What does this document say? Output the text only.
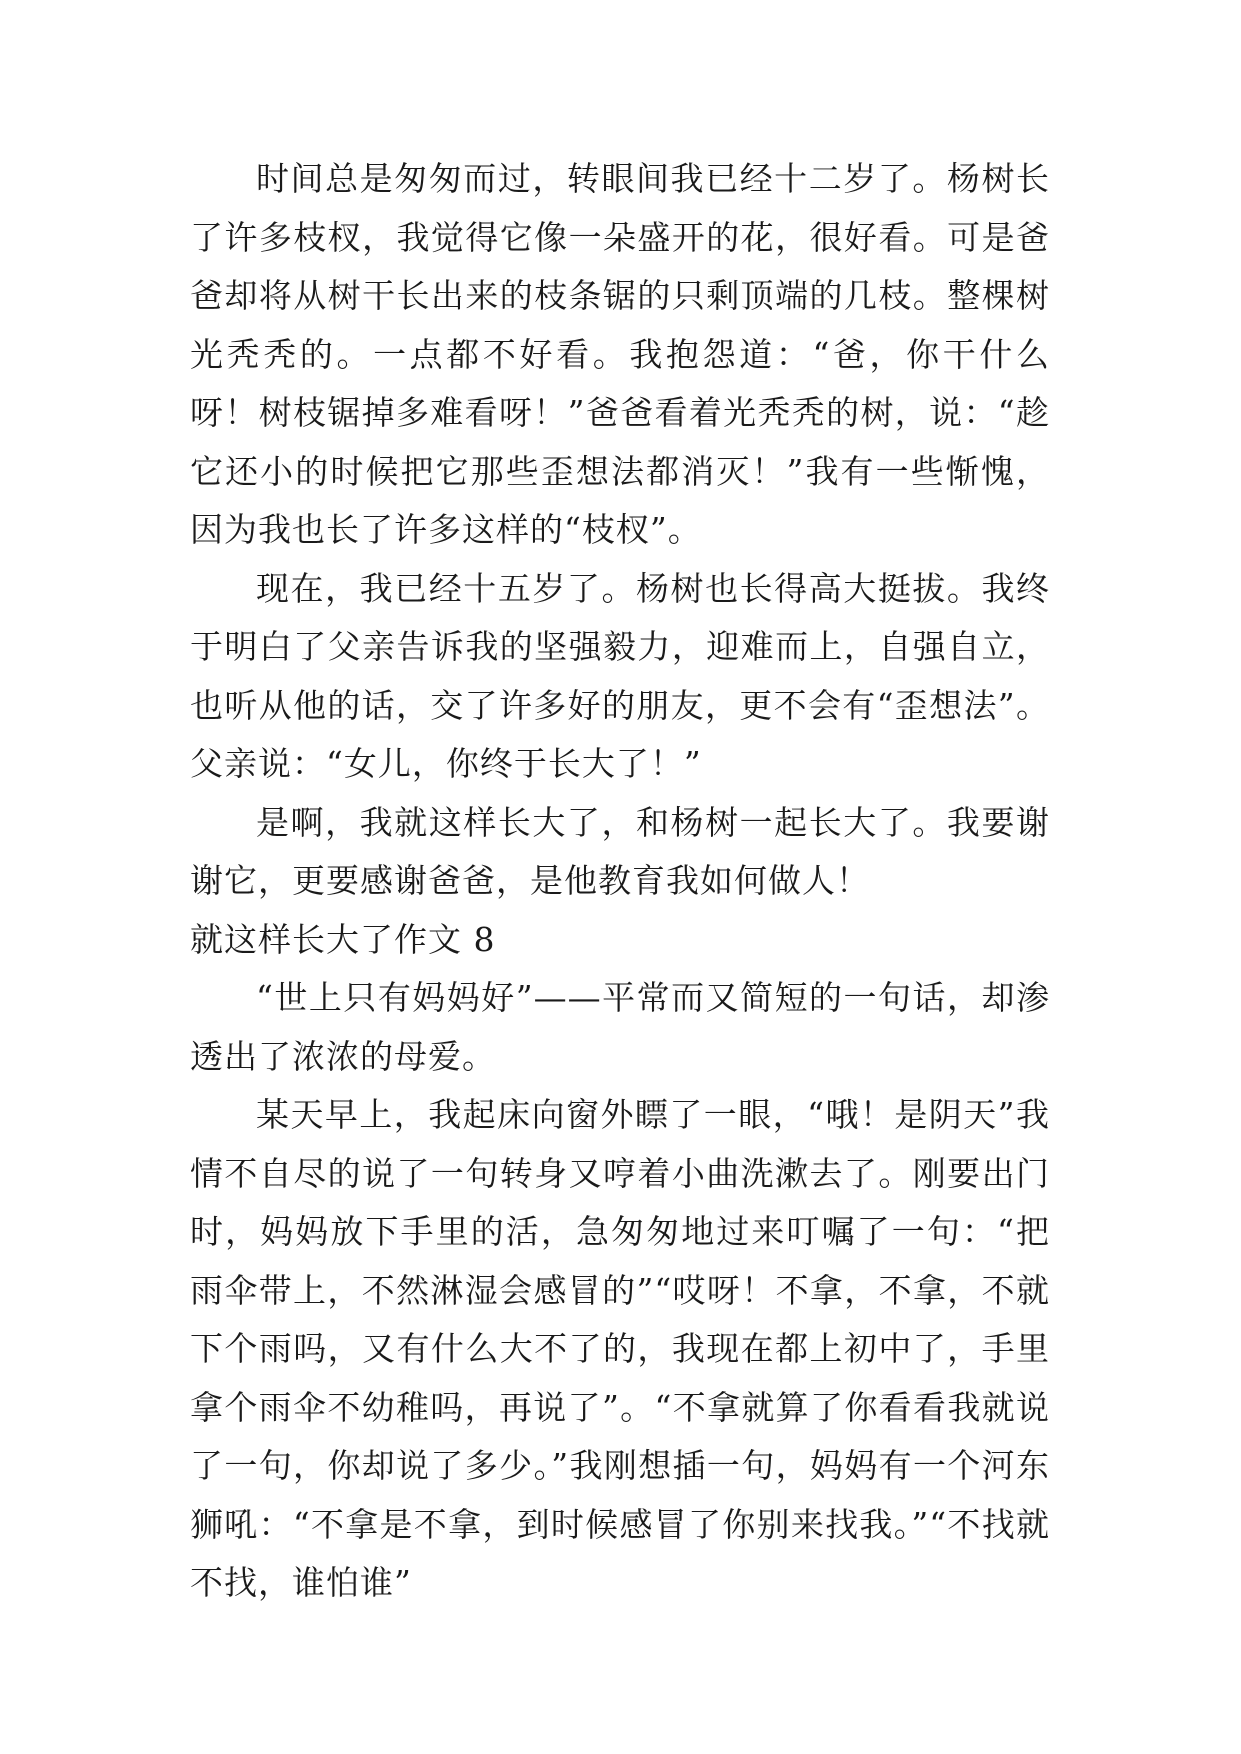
时间总是匆匆而过，转眼间我已经十二岁了。杨树长了许多枝杈，我觉得它像一朵盛开的花，很好看。可是爸爸却将从树干长出来的枝条锯的只剩顶端的几枝。整棵树光秃秃的。一点都不好看。我抱怨道：“爸，你干什么呀！树枝锯掉多难看呀！”爸爸看着光秃秃的树，说：“趁它还小的时候把它那些歪想法都消灭！”我有一些惭愧，因为我也长了许多这样的“枝杈”。

现在，我已经十五岁了。杨树也长得高大挺拔。我终于明白了父亲告诉我的坚强毅力，迎难而上，自强自立，也听从他的话，交了许多好的朋友，更不会有“歪想法”。父亲说：“女儿，你终于长大了！”

是啊，我就这样长大了，和杨树一起长大了。我要谢谢它，更要感谢爸爸，是他教育我如何做人！

就这样长大了作文 8

“世上只有妈妈好”——平常而又简短的一句话，却渗透出了浓浓的母爱。

某天早上，我起床向窗外瞟了一眼，“哦！是阴天”我情不自尽的说了一句转身又哼着小曲洗漱去了。刚要出门时，妈妈放下手里的活，急匆匆地过来叮嘱了一句：“把雨伞带上，不然淋湿会感冒的”“哎呀！不拿，不拿，不就下个雨吗，又有什么大不了的，我现在都上初中了，手里拿个雨伞不幼稚吗，再说了”。“不拿就算了你看看我就说了一句，你却说了多少。”我刚想插一句，妈妈有一个河东狮吼：“不拿是不拿，到时候感冒了你别来找我。”“不找就不找，谁怕谁”
